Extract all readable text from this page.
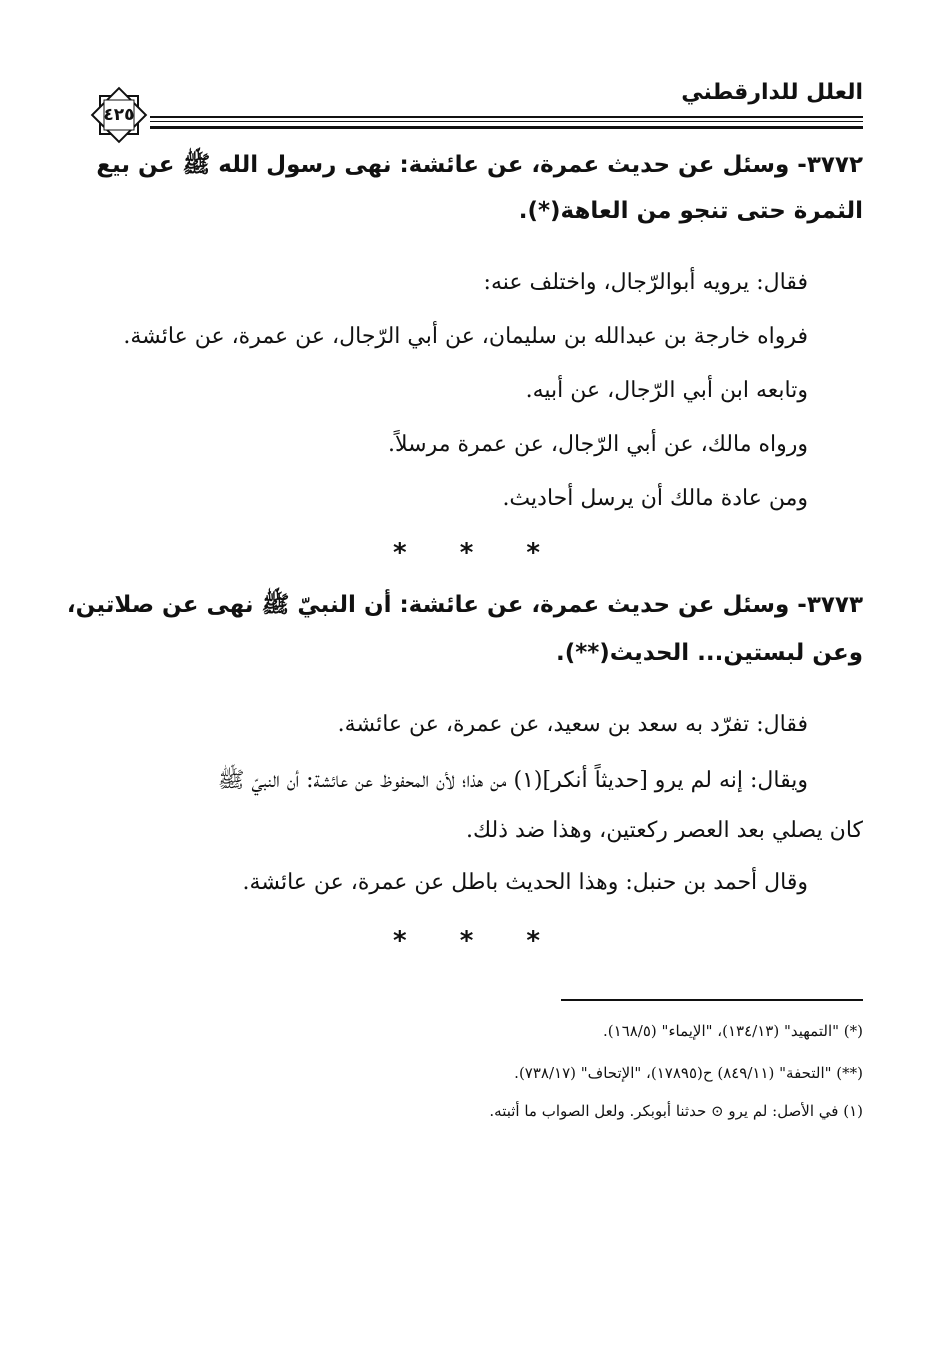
العلل للدارقطني
٤٢٥
٣٧٧٢- وسئل عن حديث عمرة، عن عائشة: نهى رسول الله ﷺ عن بيع
الثمرة حتى تنجو من العاهة(*).
فقال: يرويه أبوالرّجال، واختلف عنه:
فرواه خارجة بن عبدالله بن سليمان، عن أبي الرّجال، عن عمرة، عن عائشة.
وتابعه ابن أبي الرّجال، عن أبيه.
ورواه مالك، عن أبي الرّجال، عن عمرة مرسلاً.
ومن عادة مالك أن يرسل أحاديث.
* * *
٣٧٧٣- وسئل عن حديث عمرة، عن عائشة: أن النبيّ ﷺ نهى عن صلاتين،
وعن لبستين... الحديث(**).
فقال: تفرّد به سعد بن سعيد، عن عمرة، عن عائشة.
ويقال: إنه لم يرو [حديثاً أنكر](١) من هذا؛ لأن المحفوظ عن عائشة: أن النبيّ ﷺ
كان يصلي بعد العصر ركعتين، وهذا ضد ذلك.
وقال أحمد بن حنبل: وهذا الحديث باطل عن عمرة، عن عائشة.
* * *
(*) "التمهيد" (١٣٤/١٣)، "الإيماء" (١٦٨/٥).
(**) "التحفة" (٨٤٩/١١) ح(١٧٨٩٥)، "الإتحاف" (٧٣٨/١٧).
(١) في الأصل: لم يرو ⊙ حدثنا أبوبكر. ولعل الصواب ما أثبته.
